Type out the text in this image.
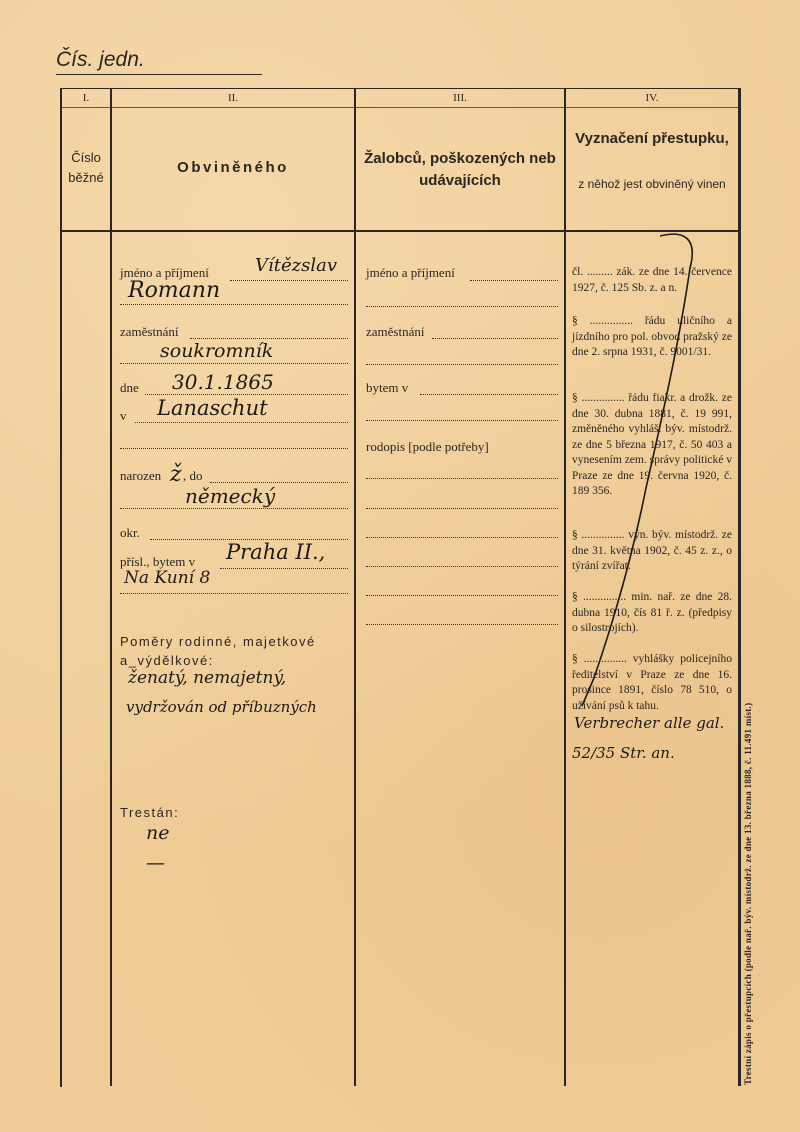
Čís. jedn.
I.	II.	III.	IV.
Číslo běžné
Obviněného
Žalobců, poškozených neb udávajících
Vyznačení přestupku,
z něhož jest obviněný vinen
jméno a příjmení	Vítězslav
Romann
zaměstnání
soukromník
dne 30.1.1865
v Lanaschut
narozen ž , do
německý
okr.
přísl., bytem v Praha II.,
Na Kuní 8
Poměry rodinné, majetkové a_výdělkové:
ženatý, nemajetný,
vydržován od příbuzných
Trestán:
ne
—
jméno a příjmení
zaměstnání
bytem v
rodopis [podle potřeby]
čl. ......... zák. ze dne 14. července 1927, č. 125 Sb. z. a n.
§ ............... řádu uličního a jízdního pro pol. obvod pražský ze dne 2. srpna 1931, č. 9001/31.
§ ............... řádu fiakr. a drožk. ze dne 30. dubna 1881, č. 19 991, změněného vyhláš. býv. místodrž. ze dne 5 března 1917, č. 50 403 a vynesením zem. správy politické v Praze ze dne 19. června 1920, č. 189 356.
§ ............... výn. býv. místodrž. ze dne 31. května 1902, č. 45 z. z., o týrání zvířat.
§ ............... min. nař. ze dne 28. dubna 1910, čís 81 ř. z. (předpisy o silostrojích).
§ ............... vyhlášky policejního ředitelství v Praze ze dne 16. prosince 1891, číslo 78 510, o užívání psů k tahu.
Verbrecher alle gal.
52/35 Str. an.	Trestní zápis o přestupcích (podle nař. býv. místodrž. ze dne 13. března 1888, č. 11.491 míst.)
